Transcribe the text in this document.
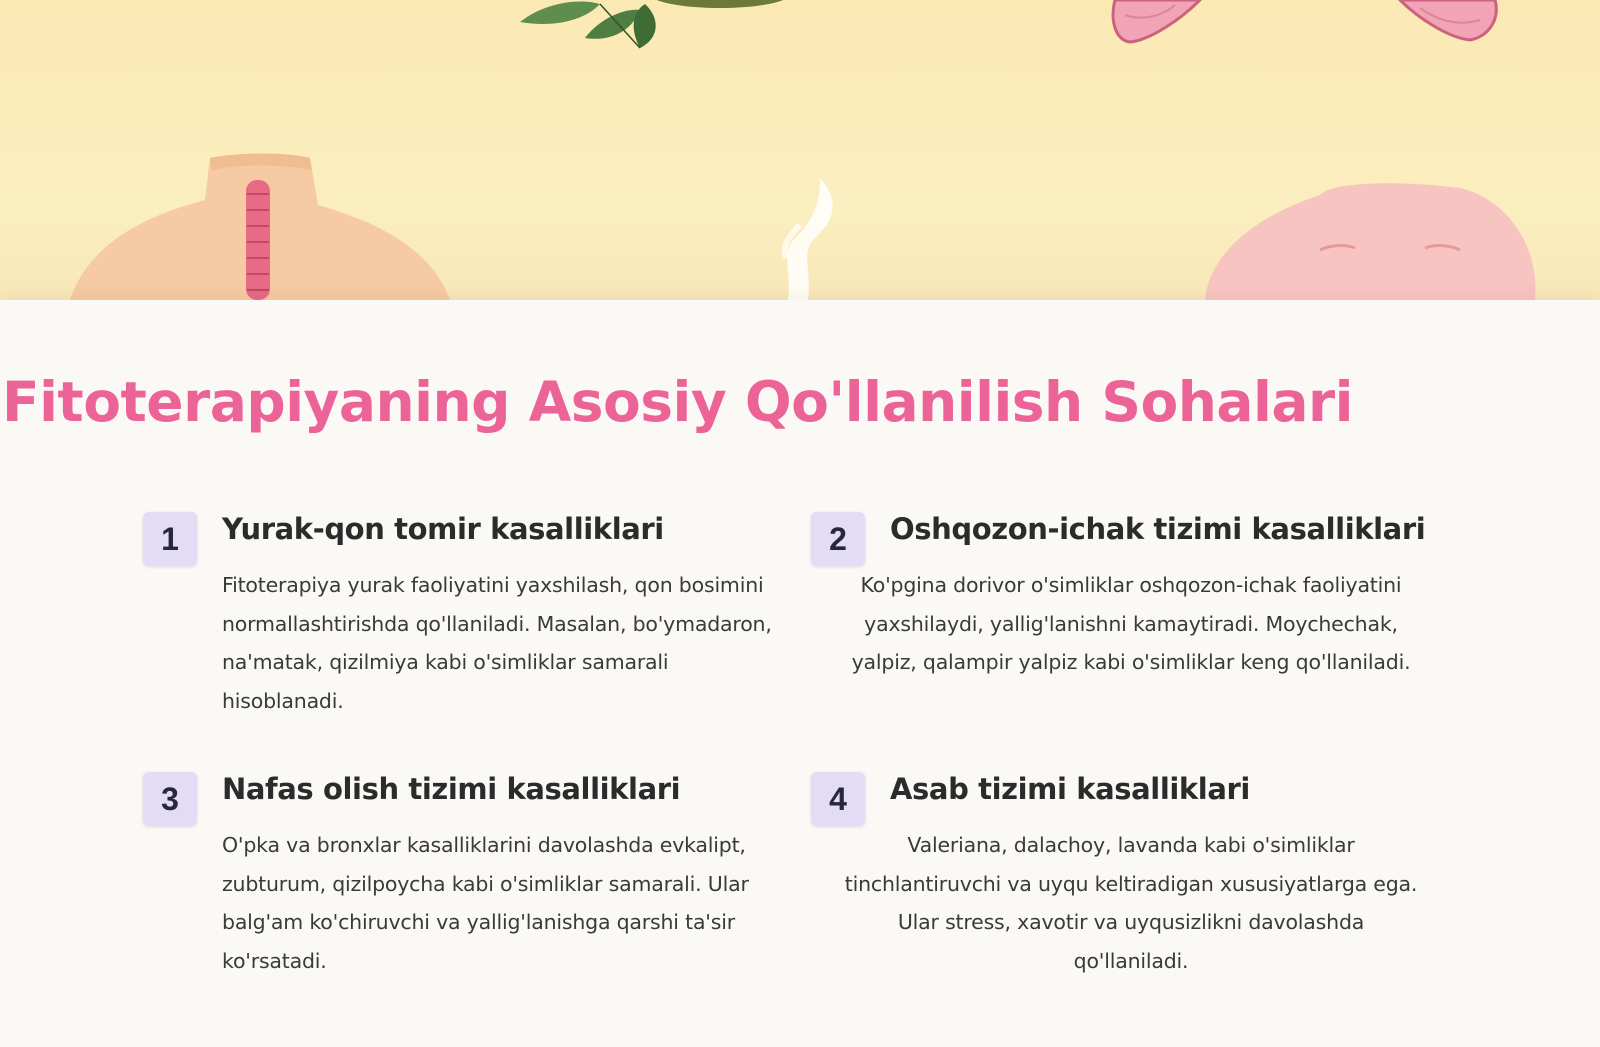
Fitoterapiyaning Asosiy Qo'llanilish Sohalari
1	Yurak-qon tomir kasalliklari

Fitoterapiya yurak faoliyatini yaxshilash, qon bosimini normallashtirishda qo'llaniladi. Masalan, bo'ymadaron, na'matak, qizilmiya kabi o'simliklar samarali hisoblanadi.

2	Oshqozon-ichak tizimi kasalliklari

Ko'pgina dorivor o'simliklar oshqozon-ichak faoliyatini yaxshilaydi, yallig'lanishni kamaytiradi. Moychechak, yalpiz, qalampir yalpiz kabi o'simliklar keng qo'llaniladi.

3	Nafas olish tizimi kasalliklari

O'pka va bronxlar kasalliklarini davolashda evkalipt, zubturum, qizilpoycha kabi o'simliklar samarali. Ular balg'am ko'chiruvchi va yallig'lanishga qarshi ta'sir ko'rsatadi.

4	Asab tizimi kasalliklari

Valeriana, dalachoy, lavanda kabi o'simliklar tinchlantiruvchi va uyqu keltiradigan xususiyatlarga ega. Ular stress, xavotir va uyqusizlikni davolashda qo'llaniladi.
